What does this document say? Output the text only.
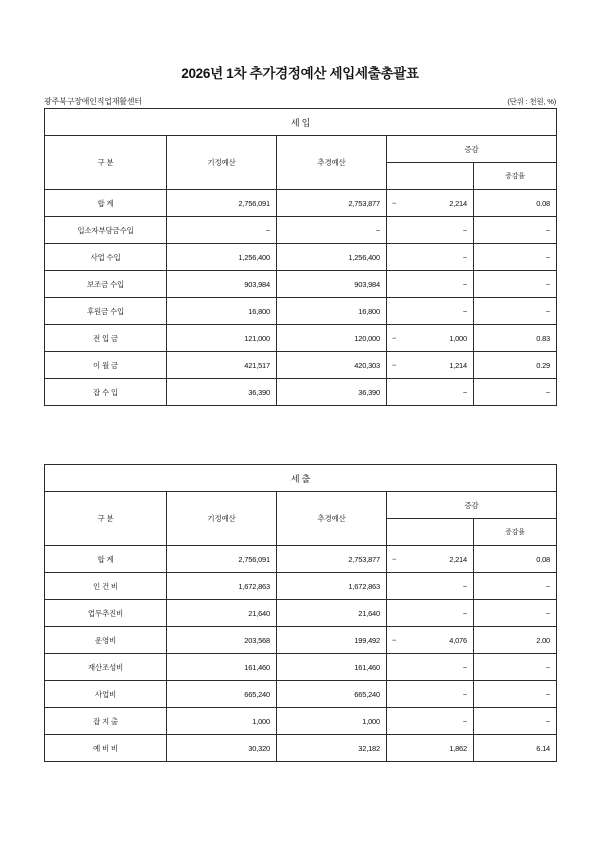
2026년 1차 추가경정예산 세입세출총괄표
광주북구장애인직업재활센터	(단위 : 천원, %)
세 입				
구 분	기정예산	추경예산	증감	
				증감율
합 계	2,756,091	2,753,877	− 2,214	0.08
입소자부담금수입	−	−	−	−
사업 수입	1,256,400	1,256,400	−	−
보조금 수입	903,984	903,984	−	−
후원금 수입	16,800	16,800	−	−
전 입 금	121,000	120,000	− 1,000	0.83
이 월 금	421,517	420,303	− 1,214	0.29
잡 수 입	36,390	36,390	−	−
세 출				
구 분	기정예산	추경예산	증감	
				증감율
합 계	2,756,091	2,753,877	− 2,214	0.08
인 건 비	1,672,863	1,672,863	−	−
업무추진비	21,640	21,640	−	−
운영비	203,568	199,492	− 4,076	2.00
재산조성비	161,460	161,460	−	−
사업비	665,240	665,240	−	−
잡 지 출	1,000	1,000	−	−
예 비 비	30,320	32,182	1,862	6.14
